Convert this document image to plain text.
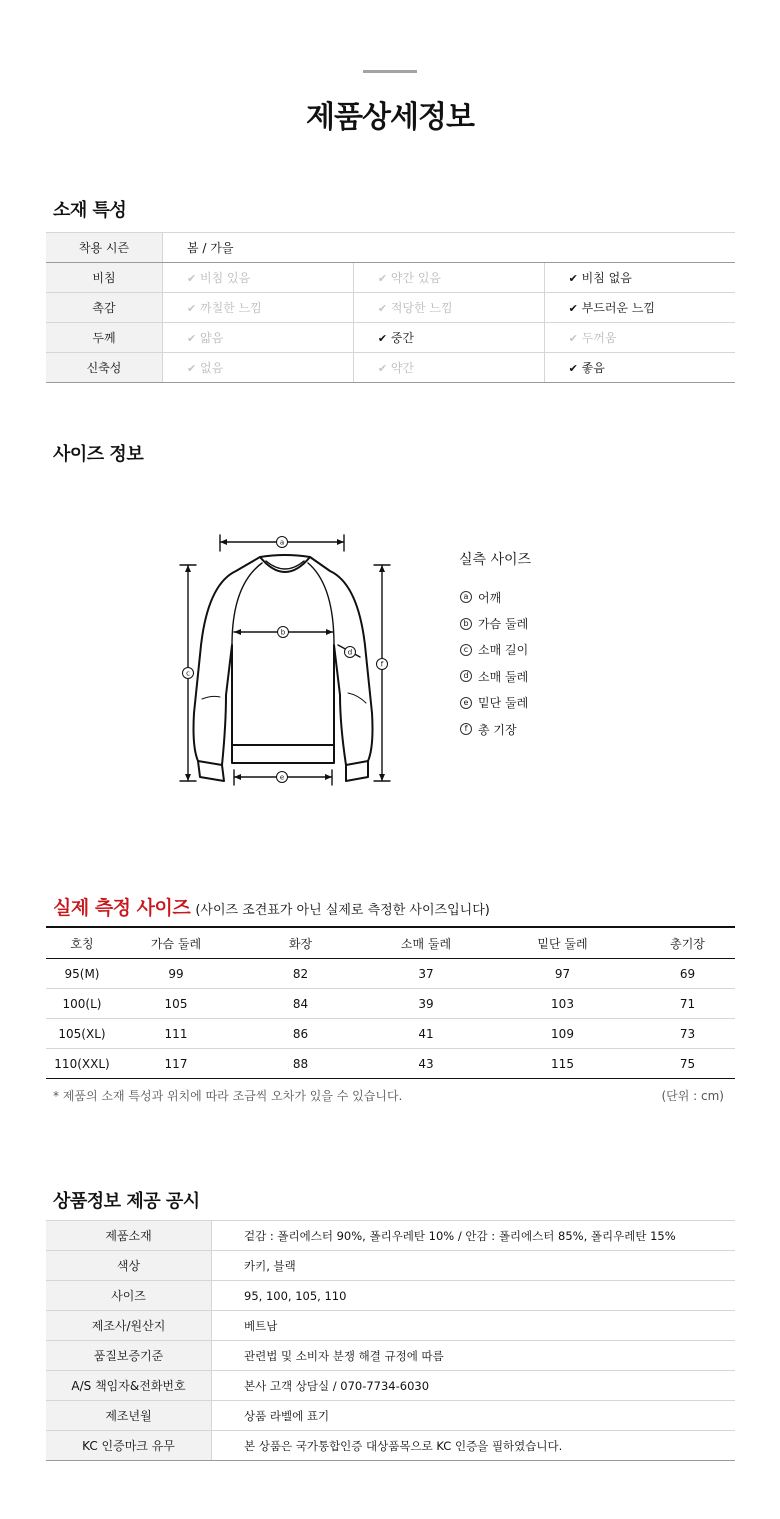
제품상세정보
소재 특성
착용 시즌	봄 / 가을		
비침	✔ 비침 있음	✔ 약간 있음	✔ 비침 없음
촉감	✔ 까칠한 느낌	✔ 적당한 느낌	✔ 부드러운 느낌
두께	✔ 얇음	✔ 중간	✔ 두꺼움
신축성	✔ 없음	✔ 약간	✔ 좋음
사이즈 정보
a
b
c
d
e
f
실측 사이즈
a 어깨
b 가슴 둘레
c 소매 길이
d 소매 둘레
e 밑단 둘레
f 총 기장
실제 측정 사이즈 (사이즈 조견표가 아닌 실제로 측정한 사이즈입니다)
호칭	가슴 둘레	화장	소매 둘레	밑단 둘레	총기장
95(M)	99	82	37	97	69
100(L)	105	84	39	103	71
105(XL)	111	86	41	109	73
110(XXL)	117	88	43	115	75
* 제품의 소재 특성과 위치에 따라 조금씩 오차가 있을 수 있습니다.	(단위 : cm)
상품정보 제공 공시
제품소재	겉감 : 폴리에스터 90%, 폴리우레탄 10% / 안감 : 폴리에스터 85%, 폴리우레탄 15%
색상	카키, 블랙
사이즈	95, 100, 105, 110
제조사/원산지	베트남
품질보증기준	관련법 및 소비자 분쟁 해결 규정에 따름
A/S 책임자&전화번호	본사 고객 상담실 / 070-7734-6030
제조년월	상품 라벨에 표기
KC 인증마크 유무	본 상품은 국가통합인증 대상품목으로 KC 인증을 필하였습니다.
